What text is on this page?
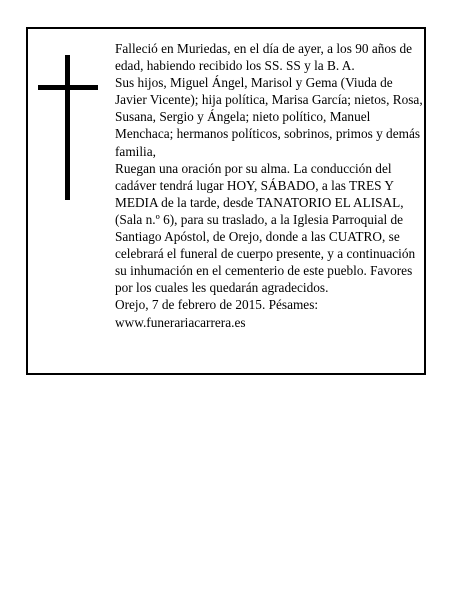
Falleció en Muriedas, en el día de ayer, a los 90 años de edad, habiendo recibido los SS. SS y la B. A.

Sus hijos, Miguel Ángel, Marisol y Gema (Viuda de Javier Vicente); hija política, Marisa García; nietos, Rosa, Susana, Sergio y Ángela; nieto político, Manuel Menchaca; hermanos políticos, sobrinos, primos y demás familia,

Ruegan una oración por su alma. La conducción del cadáver tendrá lugar HOY, SÁBADO, a las TRES Y MEDIA de la tarde, desde TANATORIO EL ALISAL, (Sala n.º 6), para su traslado, a la Iglesia Parroquial de Santiago Apóstol, de Orejo, donde a las CUATRO, se celebrará el funeral de cuerpo presente, y a continuación su inhumación en el cementerio de este pueblo. Favores por los cuales les quedarán agradecidos.

Orejo, 7 de febrero de 2015. Pésames: www.funerariacarrera.es
